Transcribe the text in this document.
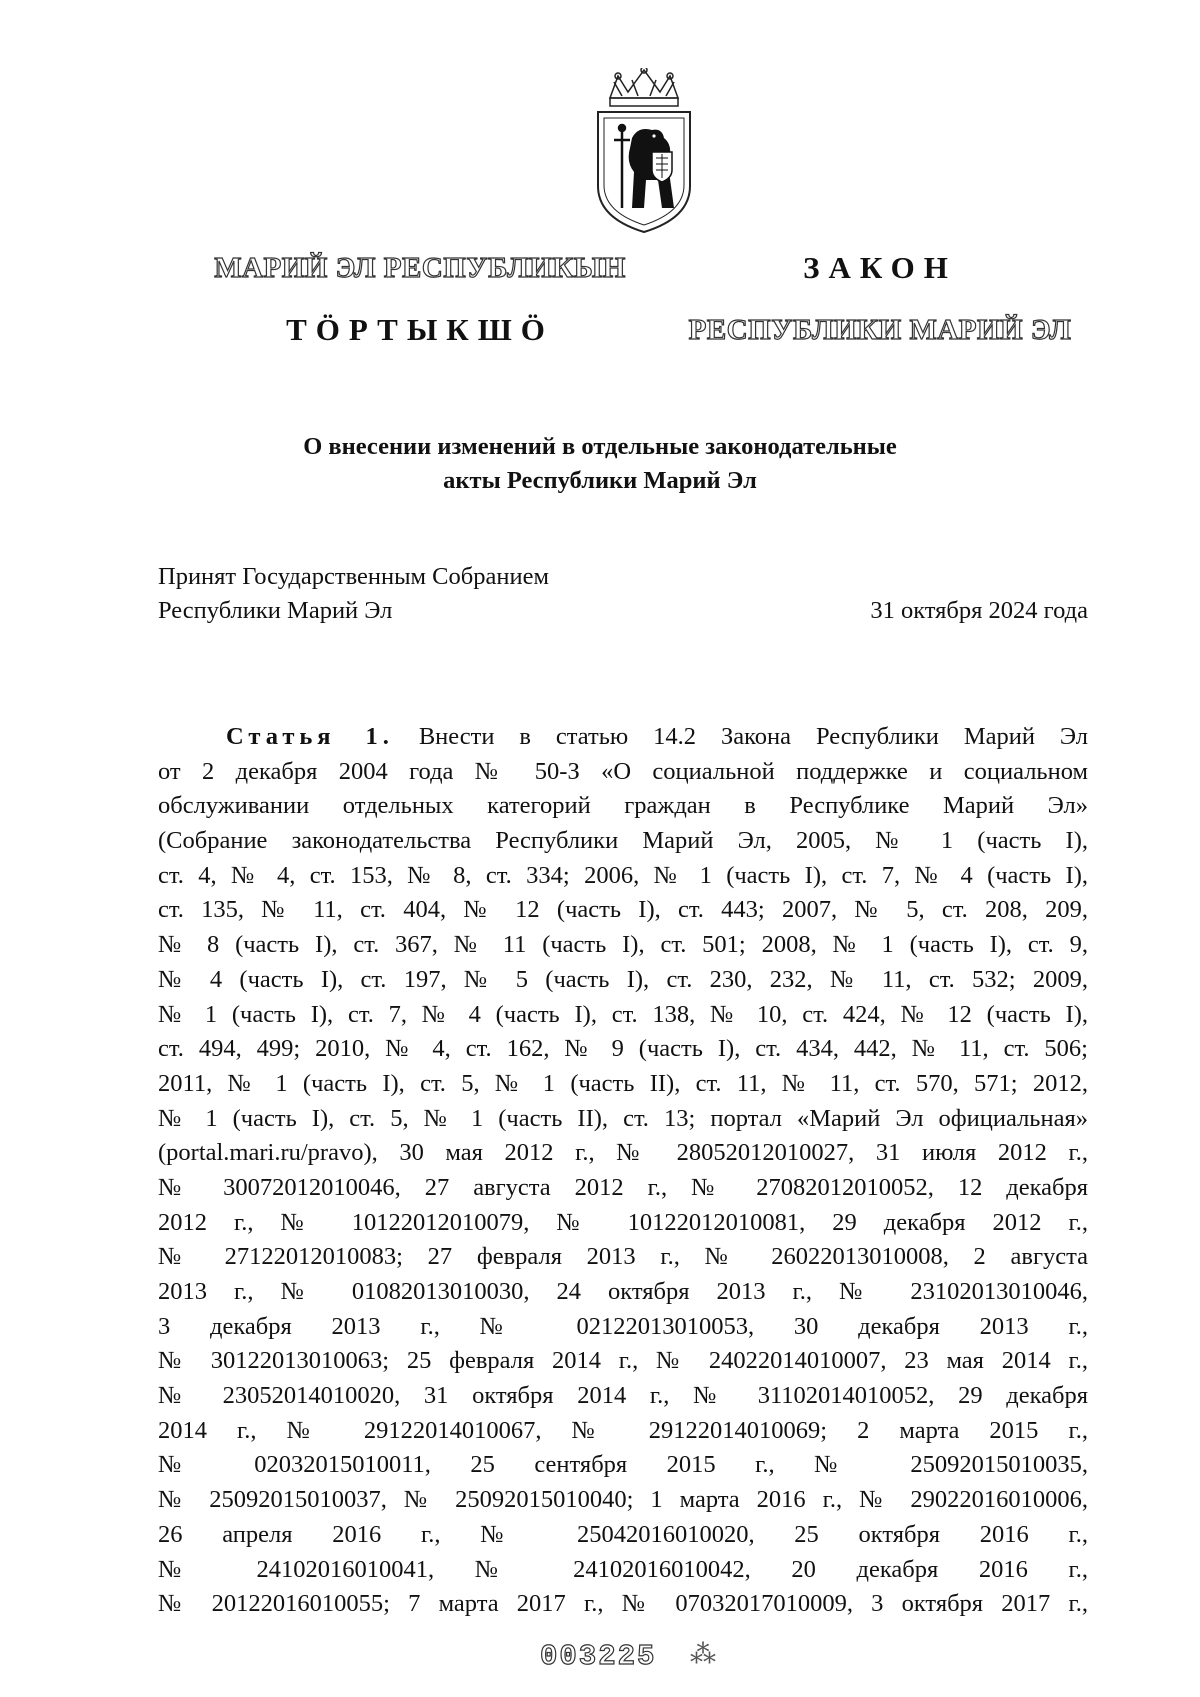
МАРИЙ ЭЛ РЕСПУБЛИКЫН
ТӦРТЫКШӦ
ЗАКОН
РЕСПУБЛИКИ МАРИЙ ЭЛ
О внесении изменений в отдельные законодательные
акты Республики Марий Эл
Принят Государственным Собранием
Республики Марий Эл	31 октября 2024 года
Статья 1. Внести в статью 14.2 Закона Республики Марий Эл
от 2 декабря 2004 года № 50-З «О социальной поддержке и социальном
обслуживании отдельных категорий граждан в Республике Марий Эл»
(Собрание законодательства Республики Марий Эл, 2005, № 1 (часть I),
ст. 4, № 4, ст. 153, № 8, ст. 334; 2006, № 1 (часть I), ст. 7, № 4 (часть I),
ст. 135, № 11, ст. 404, № 12 (часть I), ст. 443; 2007, № 5, ст. 208, 209,
№ 8 (часть I), ст. 367, № 11 (часть I), ст. 501; 2008, № 1 (часть I), ст. 9,
№ 4 (часть I), ст. 197, № 5 (часть I), ст. 230, 232, № 11, ст. 532; 2009,
№ 1 (часть I), ст. 7, № 4 (часть I), ст. 138, № 10, ст. 424, № 12 (часть I),
ст. 494, 499; 2010, № 4, ст. 162, № 9 (часть I), ст. 434, 442, № 11, ст. 506;
2011, № 1 (часть I), ст. 5, № 1 (часть II), ст. 11, № 11, ст. 570, 571; 2012,
№ 1 (часть I), ст. 5, № 1 (часть II), ст. 13; портал «Марий Эл официальная»
(portal.mari.ru/pravo), 30 мая 2012 г., № 28052012010027, 31 июля 2012 г.,
№ 30072012010046, 27 августа 2012 г., № 27082012010052, 12 декабря
2012 г., № 10122012010079, № 10122012010081, 29 декабря 2012 г.,
№ 27122012010083; 27 февраля 2013 г., № 26022013010008, 2 августа
2013 г., № 01082013010030, 24 октября 2013 г., № 23102013010046,
3 декабря 2013 г., № 02122013010053, 30 декабря 2013 г.,
№ 30122013010063; 25 февраля 2014 г., № 24022014010007, 23 мая 2014 г.,
№ 23052014010020, 31 октября 2014 г., № 31102014010052, 29 декабря
2014 г., № 29122014010067, № 29122014010069; 2 марта 2015 г.,
№ 02032015010011, 25 сентября 2015 г., № 25092015010035,
№ 25092015010037, № 25092015010040; 1 марта 2016 г., № 29022016010006,
26 апреля 2016 г., № 25042016010020, 25 октября 2016 г.,
№ 24102016010041, № 24102016010042, 20 декабря 2016 г.,
№ 20122016010055; 7 марта 2017 г., № 07032017010009, 3 октября 2017 г.,
003225 ⁂
